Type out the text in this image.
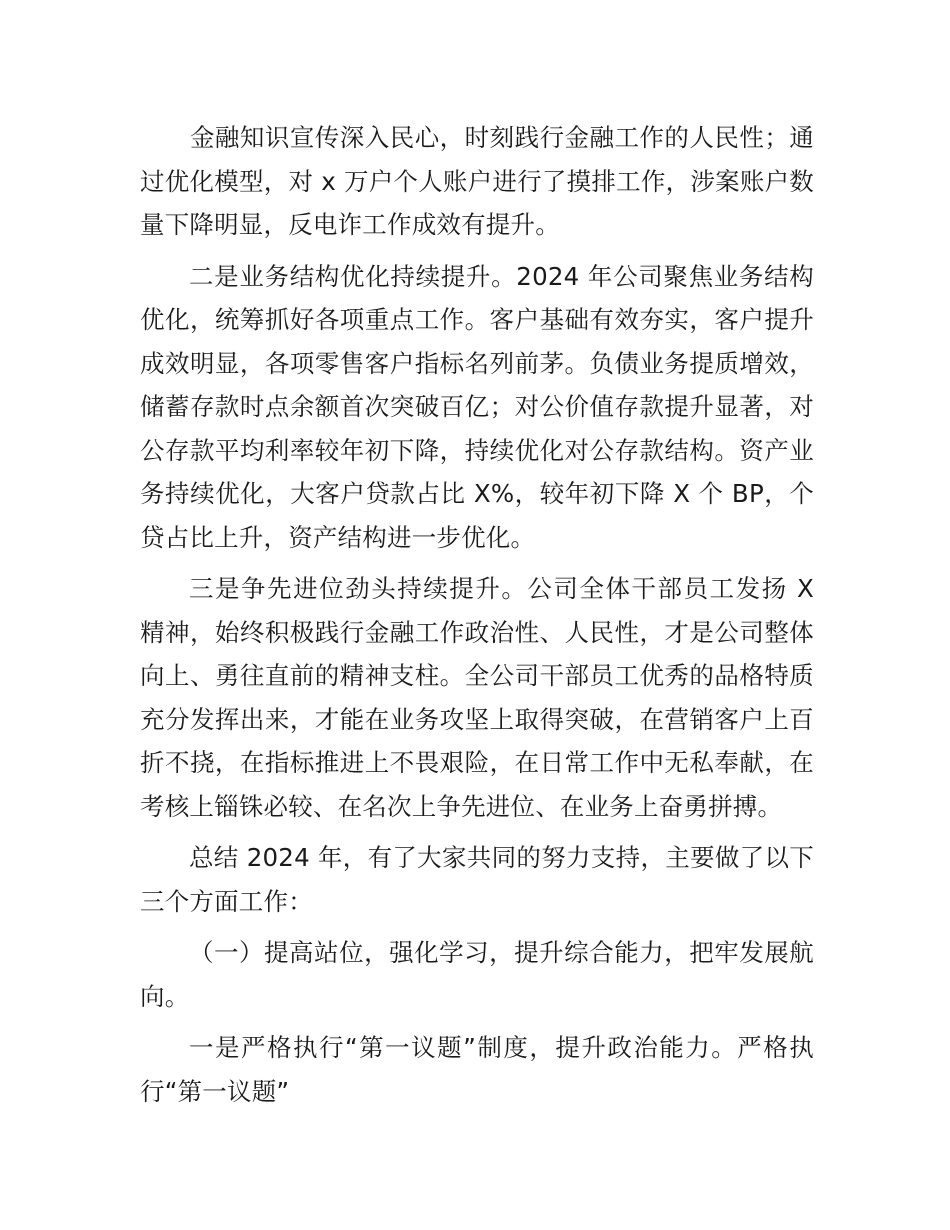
　　金融知识宣传深入民心，时刻践行金融工作的人民性；通过优化模型，对 x 万户个人账户进行了摸排工作，涉案账户数量下降明显，反电诈工作成效有提升。

二是业务结构优化持续提升。2024 年公司聚焦业务结构优化，统筹抓好各项重点工作。客户基础有效夯实，客户提升成效明显，各项零售客户指标名列前茅。负债业务提质增效，储蓄存款时点余额首次突破百亿；对公价值存款提升显著，对公存款平均利率较年初下降，持续优化对公存款结构。资产业务持续优化，大客户贷款占比 X%，较年初下降 X 个 BP，个贷占比上升，资产结构进一步优化。

三是争先进位劲头持续提升。公司全体干部员工发扬 X 精神，始终积极践行金融工作政治性、人民性，才是公司整体向上、勇往直前的精神支柱。全公司干部员工优秀的品格特质充分发挥出来，才能在业务攻坚上取得突破，在营销客户上百折不挠，在指标推进上不畏艰险，在日常工作中无私奉献，在考核上锱铢必较、在名次上争先进位、在业务上奋勇拼搏。

总结 2024 年，有了大家共同的努力支持，主要做了以下三个方面工作：

（一）提高站位，强化学习，提升综合能力，把牢发展航向。

一是严格执行“第一议题”制度，提升政治能力。严格执行“第一议题”
